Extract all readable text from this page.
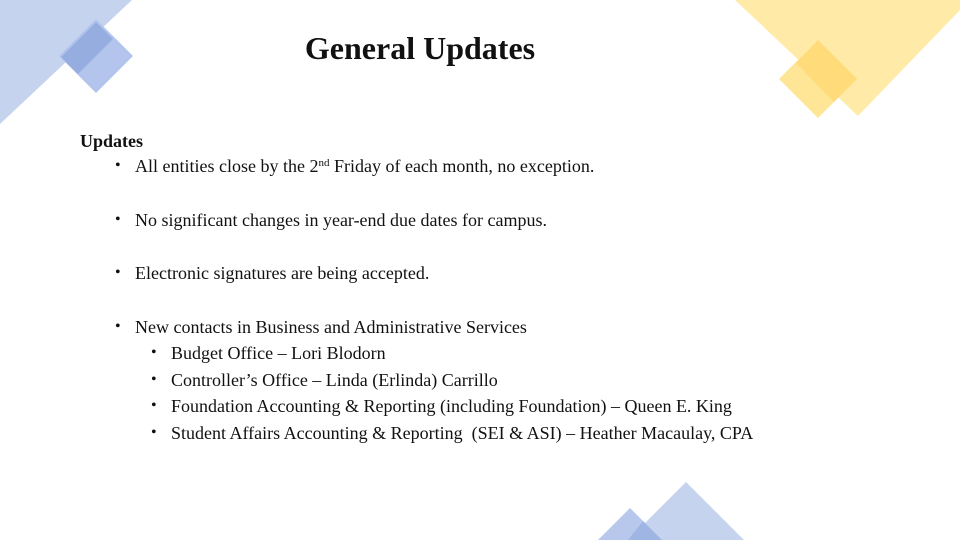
General Updates

Updates

• All entities close by the 2nd Friday of each month, no exception.
• No significant changes in year-end due dates for campus.
• Electronic signatures are being accepted.
• New contacts in Business and Administrative Services
• Budget Office – Lori Blodorn
• Controller’s Office – Linda (Erlinda) Carrillo
• Foundation Accounting & Reporting (including Foundation) – Queen E. King
• Student Affairs Accounting & Reporting  (SEI & ASI) – Heather Macaulay, CPA
